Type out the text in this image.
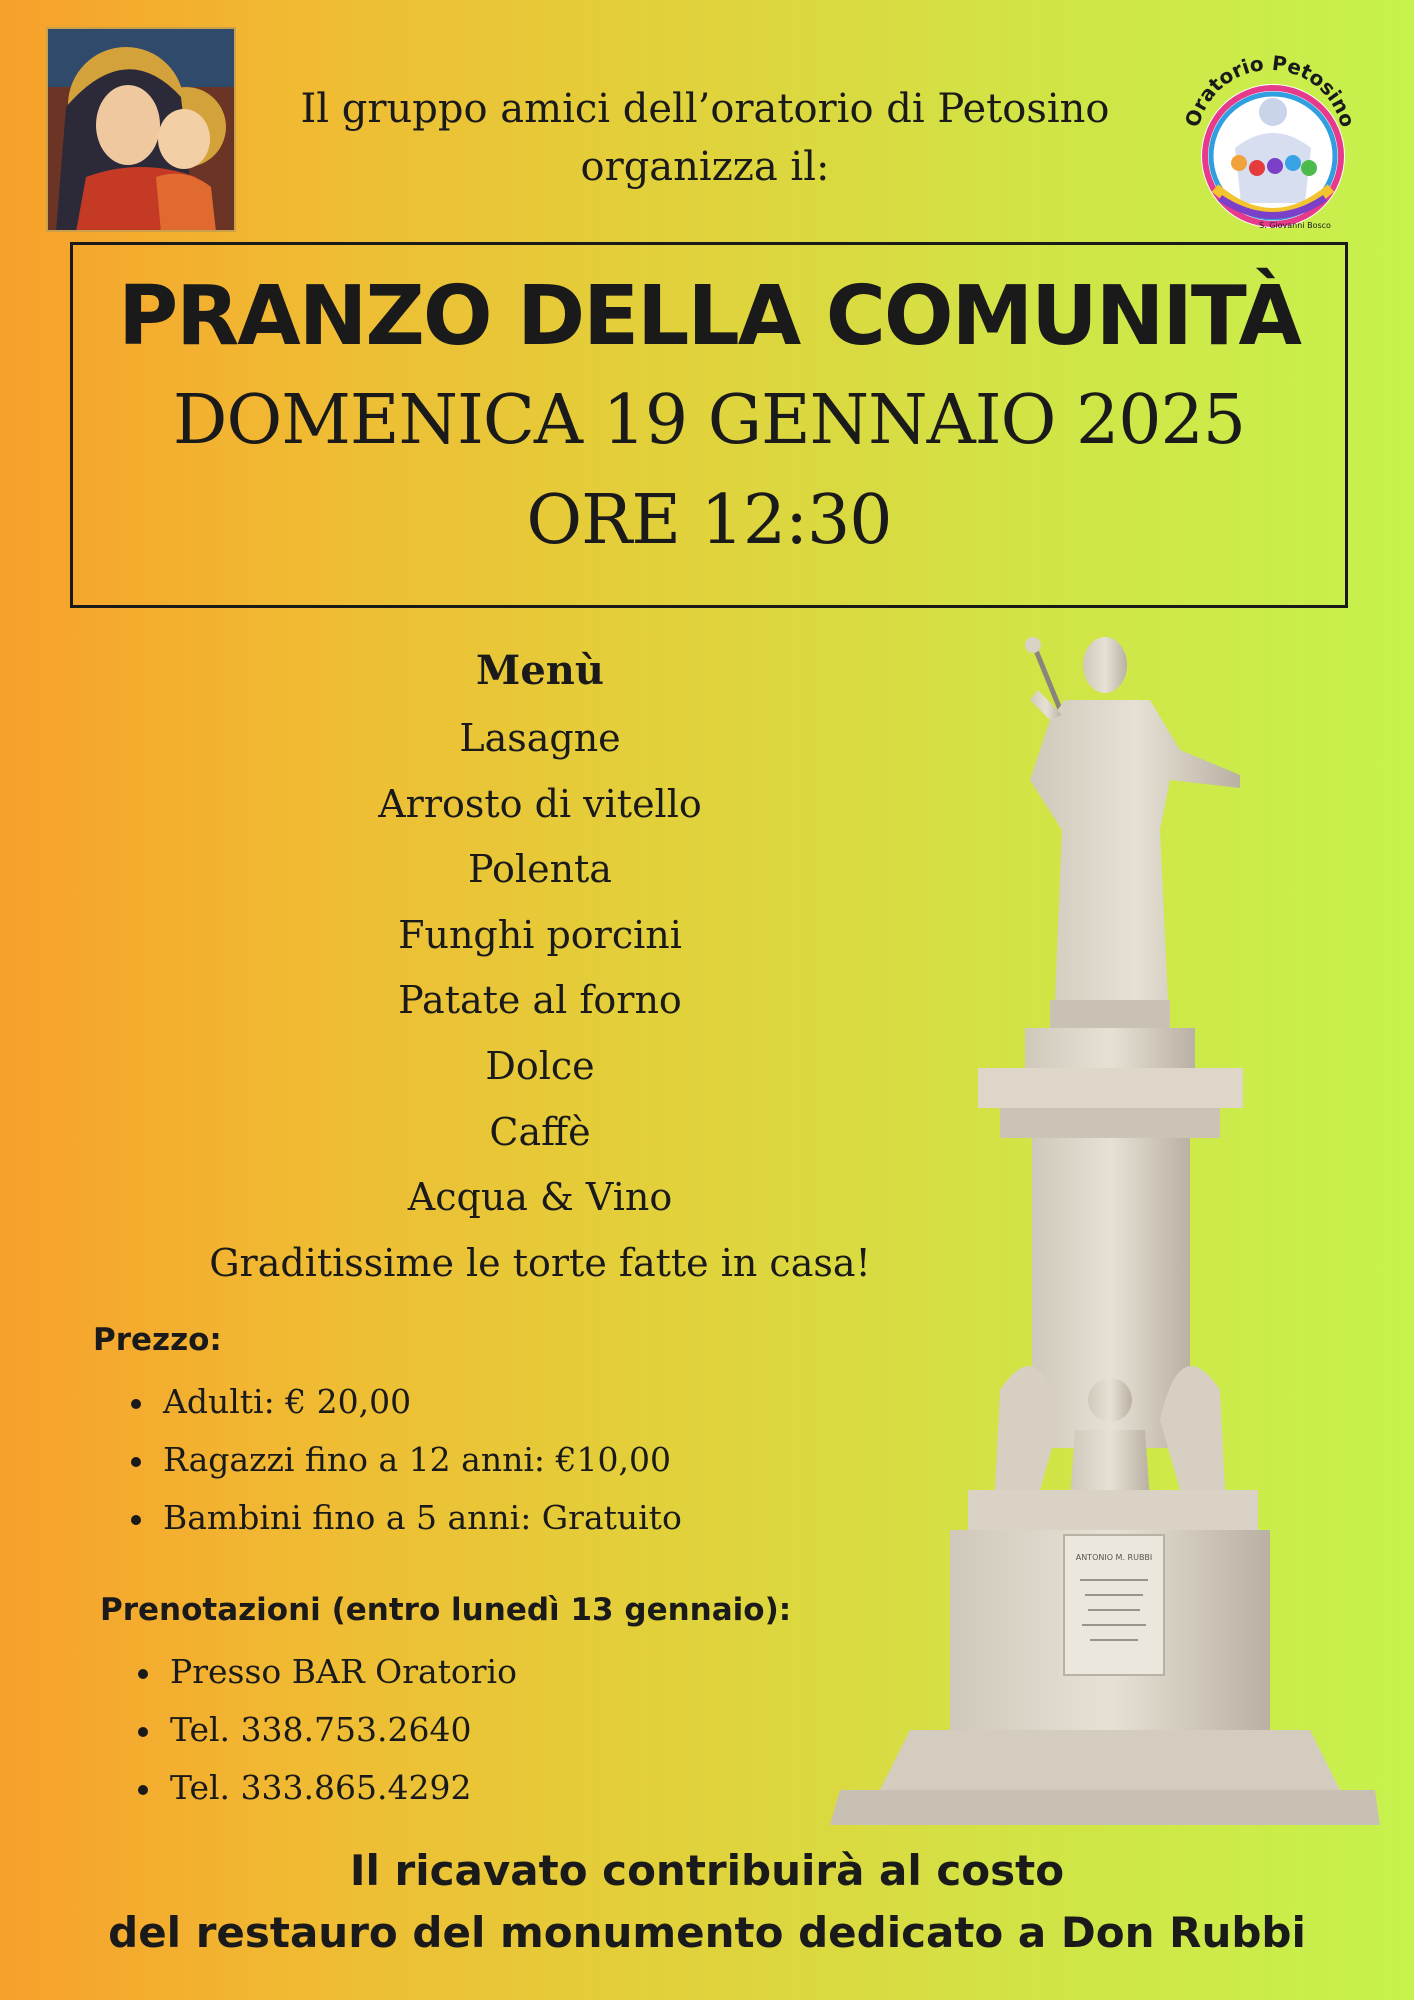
Il gruppo amici dell’oratorio di Petosino
organizza il:
Oratorio Petosino
S. Giovanni Bosco
PRANZO DELLA COMUNITÀ
DOMENICA 19 GENNAIO 2025
ORE 12:30
Menù
Lasagne
Arrosto di vitello
Polenta
Funghi porcini
Patate al forno
Dolce
Caffè
Acqua & Vino
Graditissime le torte fatte in casa!
Prezzo:
Adulti: € 20,00
Ragazzi fino a 12 anni: €10,00
Bambini fino a 5 anni: Gratuito
Prenotazioni (entro lunedì 13 gennaio):
Presso BAR Oratorio
Tel. 338.753.2640
Tel. 333.865.4292
ANTONIO M. RUBBI
Il ricavato contribuirà al costo
del restauro del monumento dedicato a Don Rubbi
